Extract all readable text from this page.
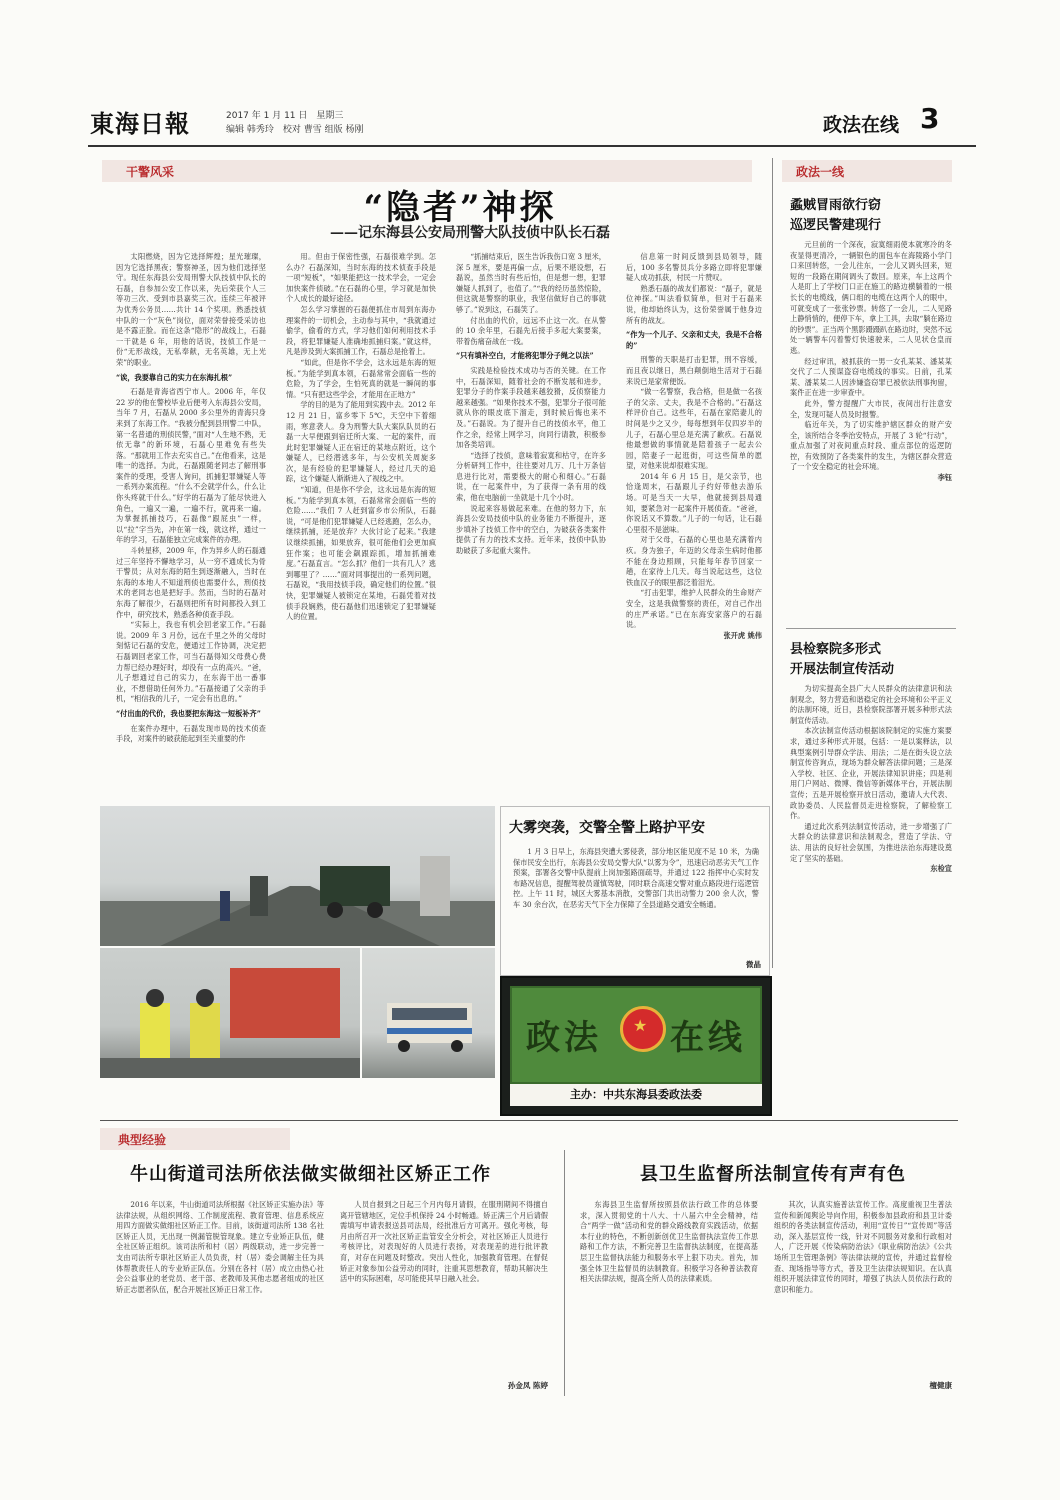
東海日報	2017 年 1 月 11 日　星期三
编辑 韩秀玲　校对 曹雪 组版 杨刚	政法在线 3
干警风采
“隐者”神探
——记东海县公安局刑警大队技侦中队长石磊

太阳燃烧，因为它选择辉煌；星光璀璨，因为它选择黑夜；警察神圣，因为他们选择坚守。现任东海县公安局刑警大队技侦中队长的石磊，自参加公安工作以来，先后荣获个人三等功三次、受到市县嘉奖三次。连续三年被评为优秀公务员……共计 14 个奖项。熟悉技侦中队的一个“灰色”岗位，面对荣誉接受采访也是不露正脸。而在这条“隐形”的战线上，石磊一干就是 6 年，用他的话说，技侦工作是一份“无形战线，无私奉献，无名英雄，无上光荣”的职业。

“诶，我要靠自己的实力在东海扎根”

石磊是青海省西宁市人。2006 年，年仅 22 岁的他在警校毕业后便考入东海县公安局，当年 7 月，石磊从 2000 多公里外的青海只身来到了东海工作。“我被分配到县刑警二中队，第一名普通的刑侦民警，”面对“人生地不熟，无依无靠”的新环境，石磊心里难免有些失落。“那就用工作去充实自己。”在他看来，这是唯一的选择。为此，石磊跟随老同志了解刑事案件的受理，受害人询问，抓捕犯罪嫌疑人等一系列办案流程。“什么不会就学什么，什么让你头疼就干什么。”好学的石磊为了能尽快进入角色，一遍又一遍，一遍不行，就再来一遍。为掌握抓捕技巧，石磊像“跟屁虫”一样，以“拉”字当先，冲在第一线，就这样，通过一年的学习，石磊能独立完成案件的办理。

斗转星移，2009 年，作为异乡人的石磊通过三年坚持不懈地学习，从一穷不通成长为骨干警员；从对东海的陌生到逐渐融入，当时在东海的本地人不知道刑侦也需要什么，刑侦技术的老同志也是把好手。然而，当时的石磊对东海了解很少，石磊则把所有时间都投入到工作中，研究技术，熟悉各种侦查手段。

“实际上，我也有机会回老家工作。”石磊说。2009 年 3 月份，远在千里之外的父母时刻惦记石磊的安危，便通过工作协调，决定把石磊调回老家工作，可当石磊得知父母费心费力帮已经办理好时，却没有一点的高兴。“爸，儿子想通过自己的实力，在东海干出一番事业，不想借助任何外力。”石磊接通了父亲的手机，“相信我的儿子，一定会有出息的。”

“付出血的代价，我也要把东海这一短板补齐”

在案件办理中，石磊发现市局的技术侦查手段，对案件的破获能起到至关重要的作

用。但由于保密性强，石磊很难学到。怎么办？石磊深知，当时东海的技术侦查手段是一项“短板”，“如果能把这一技术学会，一定会加快案件侦破。”在石磊的心里，学习就是加快个人成长的最好途径。

怎么学习掌握的石磊便抓住市局到东海办理案件的一切机会，主动参与其中，“我就通过偷学，偷看的方式，学习他们如何利用技术手段，将犯罪嫌疑人准确地抓捕归案。”就这样，凡是涉及到大案抓捕工作，石磊总是抢着上。

“如此，但是你不学会，这永远是东海的短板。”为能学到真本领，石磊常常会面临一些的危险，为了学会，生怕死真的就是一瞬间的事情。“只有把这些学会，才能用在正地方”

学的目的是为了能用到实践中去。2012 年 12 月 21 日，富乡零下 5℃，天空中下着细雨，寒意袭人。身为刑警大队大案队队员的石磊一大早便跟到宿迁所大案、一起的案件，而此时犯罪嫌疑人正在宿迁的某地点附近，这个嫌疑人，已经潜逃多年，与公安机关周旋多次，是有经验的犯罪嫌疑人，经过几天的追踪，这个嫌疑人渐渐进入了视线之中。

“知道，但是你不学会，这永远是东海的短板。”为能学到真本领，石磊常常会面临一些的危险……“我们 7 人赶到富乡市公所队，石磊说，“可是他们犯罪嫌疑人已经逃跑，怎么办，继续抓捕，还是放弃？大伙讨论了起来。”我建议继续抓捕，如果放弃，很可能他们会更加疯狂作案；也可能会飙跟踪抓，增加抓捕难度。”石磊直言。“怎么抓？他们一共有几人？逃到哪里了？……”面对同事提出的一系列问题，石磊说，“我用技侦手段，确定他们的位置。”很快，犯罪嫌疑人被锁定在某地，石磊凭着对技侦手段娴熟，使石磊他们迅速锁定了犯罪嫌疑人的位置。

“抓捕结束后，医生告诉我伤口宽 3 厘米，深 5 厘米，要是再偏一点，后果不堪设想，石磊说，虽然当时有些后怕，但是想一想，犯罪嫌疑人抓到了，也值了。”“我的经历虽然惊险，但这就是警察的职业，我坚信做好自己的事就够了。”说到这，石磊笑了。

付出血的代价，远远不止这一次。在从警的 10 余年里，石磊先后接手多起大案要案，带着伤痛奋战在一线。

“只有填补空白，才能将犯罪分子绳之以法”

实践是检验技术成功与否的关键。在工作中，石磊深知，随着社会的不断发展和进步，犯罪分子的作案手段越来越狡猾，反侦察能力越来越强。“如果你技术不强，犯罪分子很可能就从你的眼皮底下溜走，到时候后悔也来不及。”石磊说。为了提升自己的技侦水平，他工作之余，经常上网学习，向同行请教，积极参加各类培训。

“选择了技侦，意味着寂寞和枯守，在许多分析研判工作中，往往要对几万、几十万条信息进行比对，需要极大的耐心和细心。”石磊说，在一起案件中，为了获得一条有用的线索，他在电脑前一坐就是十几个小时。

说起来容易做起来难。在他的努力下，东海县公安局技侦中队的业务能力不断提升，逐步填补了技侦工作中的空白，为破获各类案件提供了有力的技术支持。近年来，技侦中队协助破获了多起重大案件。

信息第一时间反馈到县局领导，随后，100 多名警员兵分多路立即将犯罪嫌疑人成功抓获，村民一片赞叹。

熟悉石磊的战友们都说：“磊子，就是位神探。”叫法看似简单，但对于石磊来说，他却始终认为，这份荣誉属于他身边所有的战友。

“作为一个儿子、父亲和丈夫，我是不合格的”

刑警的天职是打击犯罪，刑不容缓，而且夜以继日，黑白颠倒地生活对于石磊来说已是家常便饭。

“做一名警察，我合格，但是做一名孩子的父亲、丈夫，我是不合格的。”石磊这样评价自己。这些年，石磊在家陪妻儿的时间是少之又少，每每想到年仅四岁半的儿子，石磊心里总是充满了歉疚。石磊说他最想做的事情就是陪着孩子一起去公园，陪妻子一起逛街，可这些简单的愿望，对他来说却很难实现。

2014 年 6 月 15 日，是父亲节，也恰逢周末，石磊跟儿子约好带他去游乐场。可是当天一大早，他就接到县局通知，要紧急对一起案件开展侦查。“爸爸，你说话又不算数。”儿子的一句话，让石磊心里很不是滋味。

对于父母，石磊的心里也是充满着内疚。身为独子，年迈的父母亲生病时他都不能在身边照顾，只能每年春节回家一趟，在家待上几天。每当说起这些，这位铁血汉子的眼里都泛着泪光。

“打击犯罪，维护人民群众的生命财产安全，这是我做警察的责任，对自己作出的庄严承诺。”已在东海安家落户的石磊说。

张开虎 姚伟

政法一线
蟊贼冒雨欲行窃
巡逻民警建现行

元旦前的一个深夜，寂寞细雨使本就寒冷的冬夜显得更清冷，一辆银色的面包车在海陵路小学门口来回转悠，一会儿往东，一会儿又调头回来，短短的一段路在期间调头了数回。原来，车上这两个人是盯上了学校门口正在施工的路边横躺着的一根长长的电缆线，俩口组的电缆在这两个人的眼中，可就变成了一张张钞票。转悠了一会儿，二人见路上静悄悄的，便停下车，拿上工具，去取“躺在路边的钞票”。正当两个黑影蹑蹑趴在路边时，突然不远处一辆警车闪着警灯快速驶来，二人见状仓皇而逃。

经过审讯，被抓获的一男一女孔某某、潘某某交代了二人预谋盗窃电缆线的事实。日前，孔某某、潘某某二人因涉嫌盗窃罪已被依法刑事拘留，案件正在进一步审查中。

此外，警方提醒广大市民，夜间出行注意安全，发现可疑人员及时报警。

临近年关，为了切实维护辖区群众的财产安全，该所结合冬季治安特点，开展了 3 轮“行动”，重点加强了对夜间重点时段、重点部位的巡逻防控，有效预防了各类案件的发生，为辖区群众营造了一个安全稳定的社会环境。

李钰

县检察院多形式
开展法制宣传活动

为切实提高全县广大人民群众的法律意识和法制观念，努力营造和谐稳定的社会环境和公平正义的法制环境，近日，县检察院部署开展多种形式法制宣传活动。

本次法制宣传活动根据该院制定的实施方案要求，通过多种形式开展，包括：一是以案释法，以典型案例引导群众学法、用法；二是在街头设立法制宣传咨询点，现场为群众解答法律问题；三是深入学校、社区、企业，开展法律知识讲座；四是利用门户网站、微博、微信等新媒体平台，开展法制宣传；五是开展检察开放日活动，邀请人大代表、政协委员、人民监督员走进检察院，了解检察工作。

通过此次系列法制宣传活动，进一步增强了广大群众的法律意识和法制观念，营造了学法、守法、用法的良好社会氛围，为推进法治东海建设奠定了坚实的基础。

东检宣

大雾突袭，交警全警上路护平安

1 月 3 日早上，东海县突遭大雾侵袭，部分地区能见度不足 10 米，为确保市民安全出行，东海县公安局交警大队“以雾为令”，迅速启动恶劣天气工作预案，部署各交警中队提前上岗加强路面疏导，并通过 122 指挥中心实时发布路况信息，提醒驾驶员谨慎驾驶，同时联合高速交警对重点路段进行巡逻管控。上午 11 时，城区大雾基本消散，交警部门共出动警力 200 余人次，警车 30 余台次，在恶劣天气下全力保障了全县道路交通安全畅通。

微晶
政法 ★ 在线
主办：中共东海县委政法委
典型经验
牛山街道司法所依法做实做细社区矫正工作

2016 年以来，牛山街道司法所根据《社区矫正实施办法》等法律法规，从组织网络、工作制度流程、教育管理、信息系统应用四方面做实做细社区矫正工作。目前，该街道司法所 138 名社区矫正人员，无出现一例漏管脱管现象。建立专业矫正队伍，健全社区矫正组织。该司法所和村（居）两级联动，进一步完善一支由司法所专职社区矫正人员负责，村（居）委会调解主任为具体帮教责任人的专业矫正队伍。分别在各村（居）成立由热心社会公益事业的老党员、老干部、老教师及其他志愿者组成的社区矫正志愿者队伍，配合开展社区矫正日常工作。

人员自报到之日起三个月内每月请假，在服刑期间不得擅自离开管辖地区，定位手机保持 24 小时畅通。矫正满三个月后请假需填写申请表报送县司法局，经批准后方可离开。强化考核，每月由所召开一次社区矫正监管安全分析会，对社区矫正人员进行考核评比，对表现好的人员进行表扬，对表现差的进行批评教育，对存在问题及时整改。突出人性化，加强教育管理。在督促矫正对象参加公益劳动的同时，注重其思想教育，帮助其解决生活中的实际困难，尽可能使其早日融入社会。

孙金凤 陈婷
县卫生监督所法制宣传有声有色

东海县卫生监督所按照县依法行政工作的总体要求，深入贯彻党的十八大、十八届六中全会精神，结合“两学一做”活动和党的群众路线教育实践活动，依据本行业的特色，不断创新创优卫生监督执法宣传工作思路和工作方法，不断完善卫生监督执法制度，在提高基层卫生监督执法能力和服务水平上狠下功夫。首先，加强全体卫生监督员的法制教育。积极学习各种普法教育相关法律法规，提高全所人员的法律素质。

其次，认真实施普法宣传工作。高度重视卫生普法宣传和新闻舆论导向作用，积极参加县政府和县卫计委组织的各类法制宣传活动，利用“宣传日”“宣传周”等活动，深入基层宣传一线，针对不同服务对象和行政相对人，广泛开展《传染病防治法》《职业病防治法》《公共场所卫生管理条例》等法律法规的宣传，并通过监督检查、现场指导等方式，普及卫生法律法规知识。在认真组织开展法律宣传的同时，增强了执法人员依法行政的意识和能力。

檀健康
